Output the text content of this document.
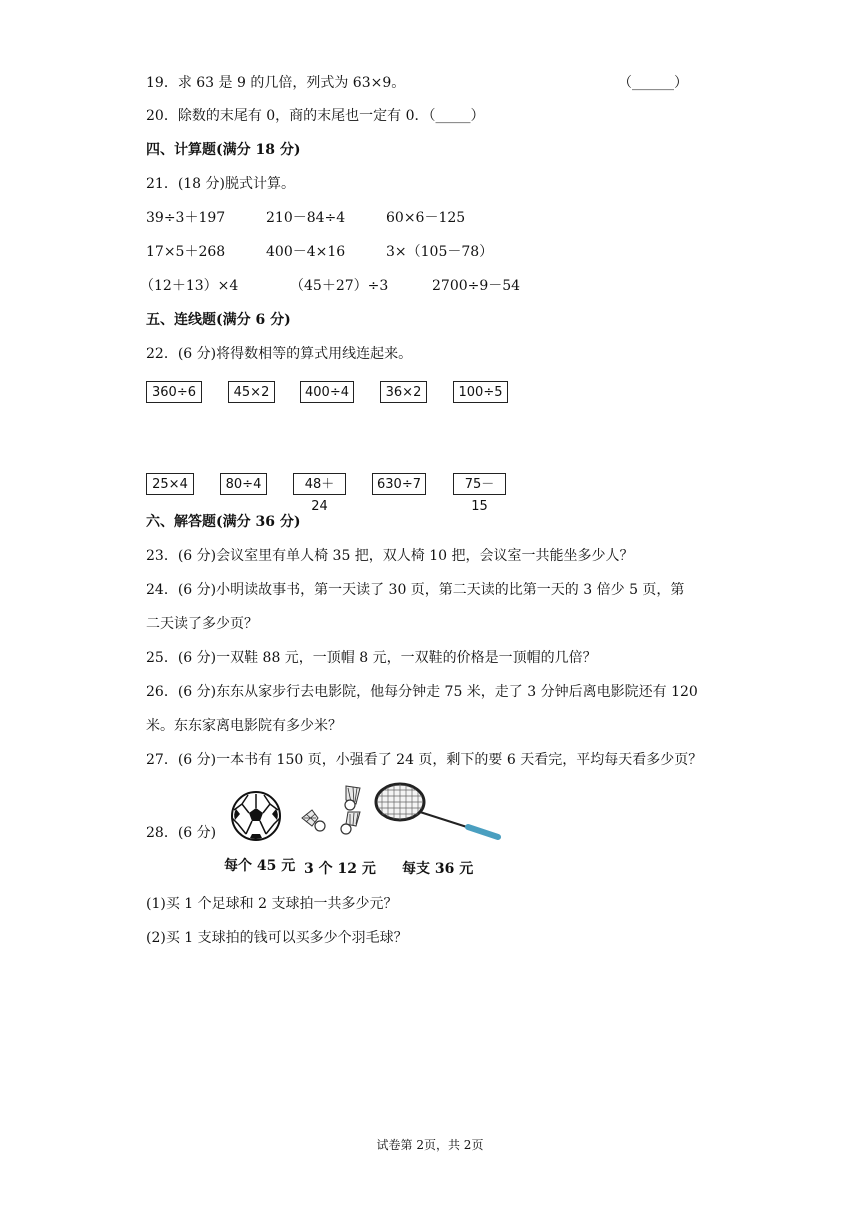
19．求 63 是 9 的几倍，列式为 63×9。	（______）
20．除数的末尾有 0，商的末尾也一定有 0．（_____）
四、计算题(满分 18 分)
21．(18 分)脱式计算。
39÷3＋197	210－84÷4	60×6－125
17×5＋268	400－4×16	3×（105－78）
（12＋13）×4	（45＋27）÷3	2700÷9－54
五、连线题(满分 6 分)
22．(6 分)将得数相等的算式用线连起来。
360÷6	45×2	400÷4	36×2	100÷5
25×4	80÷4	48＋24
630÷7	75－15
六、解答题(满分 36 分)
23．(6 分)会议室里有单人椅 35 把，双人椅 10 把，会议室一共能坐多少人？
24．(6 分)小明读故事书，第一天读了 30 页，第二天读的比第一天的 3 倍少 5 页，第
二天读了多少页？
25．(6 分)一双鞋 88 元，一顶帽 8 元，一双鞋的价格是一顶帽的几倍？
26．(6 分)东东从家步行去电影院，他每分钟走 75 米，走了 3 分钟后离电影院还有 120
米。东东家离电影院有多少米？
27．(6 分)一本书有 150 页，小强看了 24 页，剩下的要 6 天看完，平均每天看多少页？
28．(6 分)
每个 45 元 3 个 12 元 每支 36 元
(1)买 1 个足球和 2 支球拍一共多少元？
(2)买 1 支球拍的钱可以买多少个羽毛球？
试卷第 2页，共 2页
